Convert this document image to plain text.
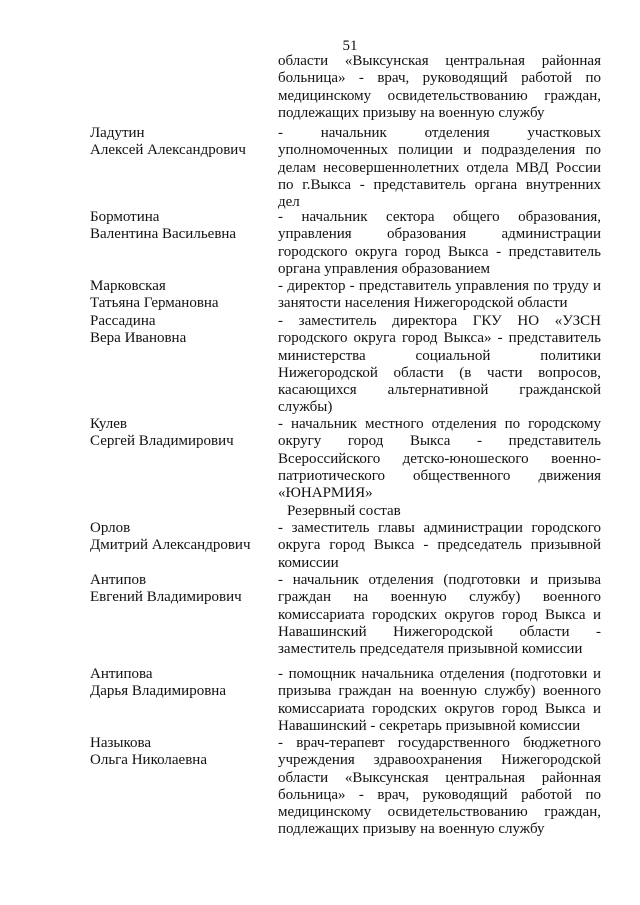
51
области «Выксунская центральная районная больница» - врач, руководящий работой по медицинскому освидетельствованию граждан, подлежащих призыву на военную службу
Ладутин
Алексей Александрович
- начальник отделения участковых уполномоченных полиции и подразделения по делам несовершеннолетних отдела МВД России по г.Выкса - представитель органа внутренних дел
Бормотина
Валентина Васильевна
- начальник сектора общего образования, управления образования администрации городского округа город Выкса - представитель органа управления образованием
Марковская
Татьяна Германовна
- директор - представитель управления по труду и занятости населения Нижегородской области
Рассадина
Вера Ивановна
- заместитель директора ГКУ НО «УЗСН городского округа город Выкса» - представитель министерства социальной политики Нижегородской области (в части вопросов, касающихся альтернативной гражданской службы)
Кулев
Сергей Владимирович
- начальник местного отделения по городскому округу город Выкса - представитель Всероссийского детско-юношеского военно-патриотического общественного движения «ЮНАРМИЯ»
Резервный состав
Орлов
Дмитрий Александрович
- заместитель главы администрации городского округа город Выкса - председатель призывной комиссии
Антипов
Евгений Владимирович
- начальник отделения (подготовки и призыва граждан на военную службу) военного комиссариата городских округов город Выкса и Навашинский Нижегородской области - заместитель председателя призывной комиссии
Антипова
Дарья Владимировна
- помощник начальника отделения (подготовки и призыва граждан на военную службу) военного комиссариата городских округов город Выкса и Навашинский - секретарь призывной комиссии
Назыкова
Ольга Николаевна
- врач-терапевт государственного бюджетного учреждения здравоохранения Нижегородской области «Выксунская центральная районная больница» - врач, руководящий работой по медицинскому освидетельствованию граждан, подлежащих призыву на военную службу
